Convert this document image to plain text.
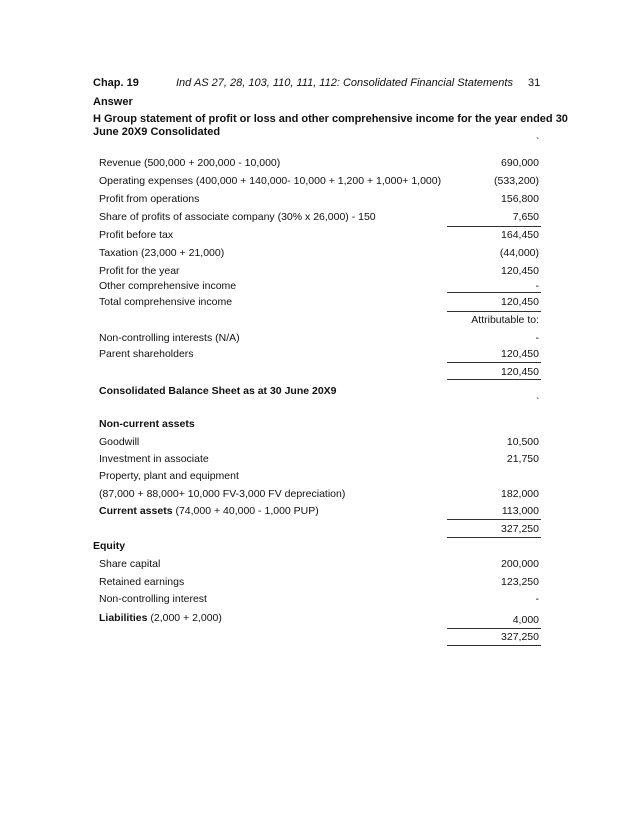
Chap. 19	Ind AS 27, 28, 103, 110, 111, 112: Consolidated Financial Statements 31
Answer
H Group statement of profit or loss and other comprehensive income for the year ended 30
June 20X9 Consolidated
`
Revenue (500,000 + 200,000 - 10,000)	690,000
Operating expenses (400,000 + 140,000- 10,000 + 1,200 + 1,000+ 1,000)	(533,200)
Profit from operations	156,800
Share of profits of associate company (30% x 26,000) - 150	7,650
Profit before tax	164,450
Taxation (23,000 + 21,000)	(44,000)
Profit for the year	120,450
Other comprehensive income	-
Total comprehensive income	120,450
Attributable to:
Non-controlling interests (N/A)	-
Parent shareholders	120,450
120,450
Consolidated Balance Sheet as at 30 June 20X9
`
Non-current assets
Goodwill	10,500
Investment in associate	21,750
Property, plant and equipment
(87,000 + 88,000+ 10,000 FV-3,000 FV depreciation)	182,000
Current assets (74,000 + 40,000 - 1,000 PUP)	113,000
327,250
Equity
Share capital	200,000
Retained earnings	123,250
Non-controlling interest	-
Liabilities (2,000 + 2,000)	4,000
327,250
